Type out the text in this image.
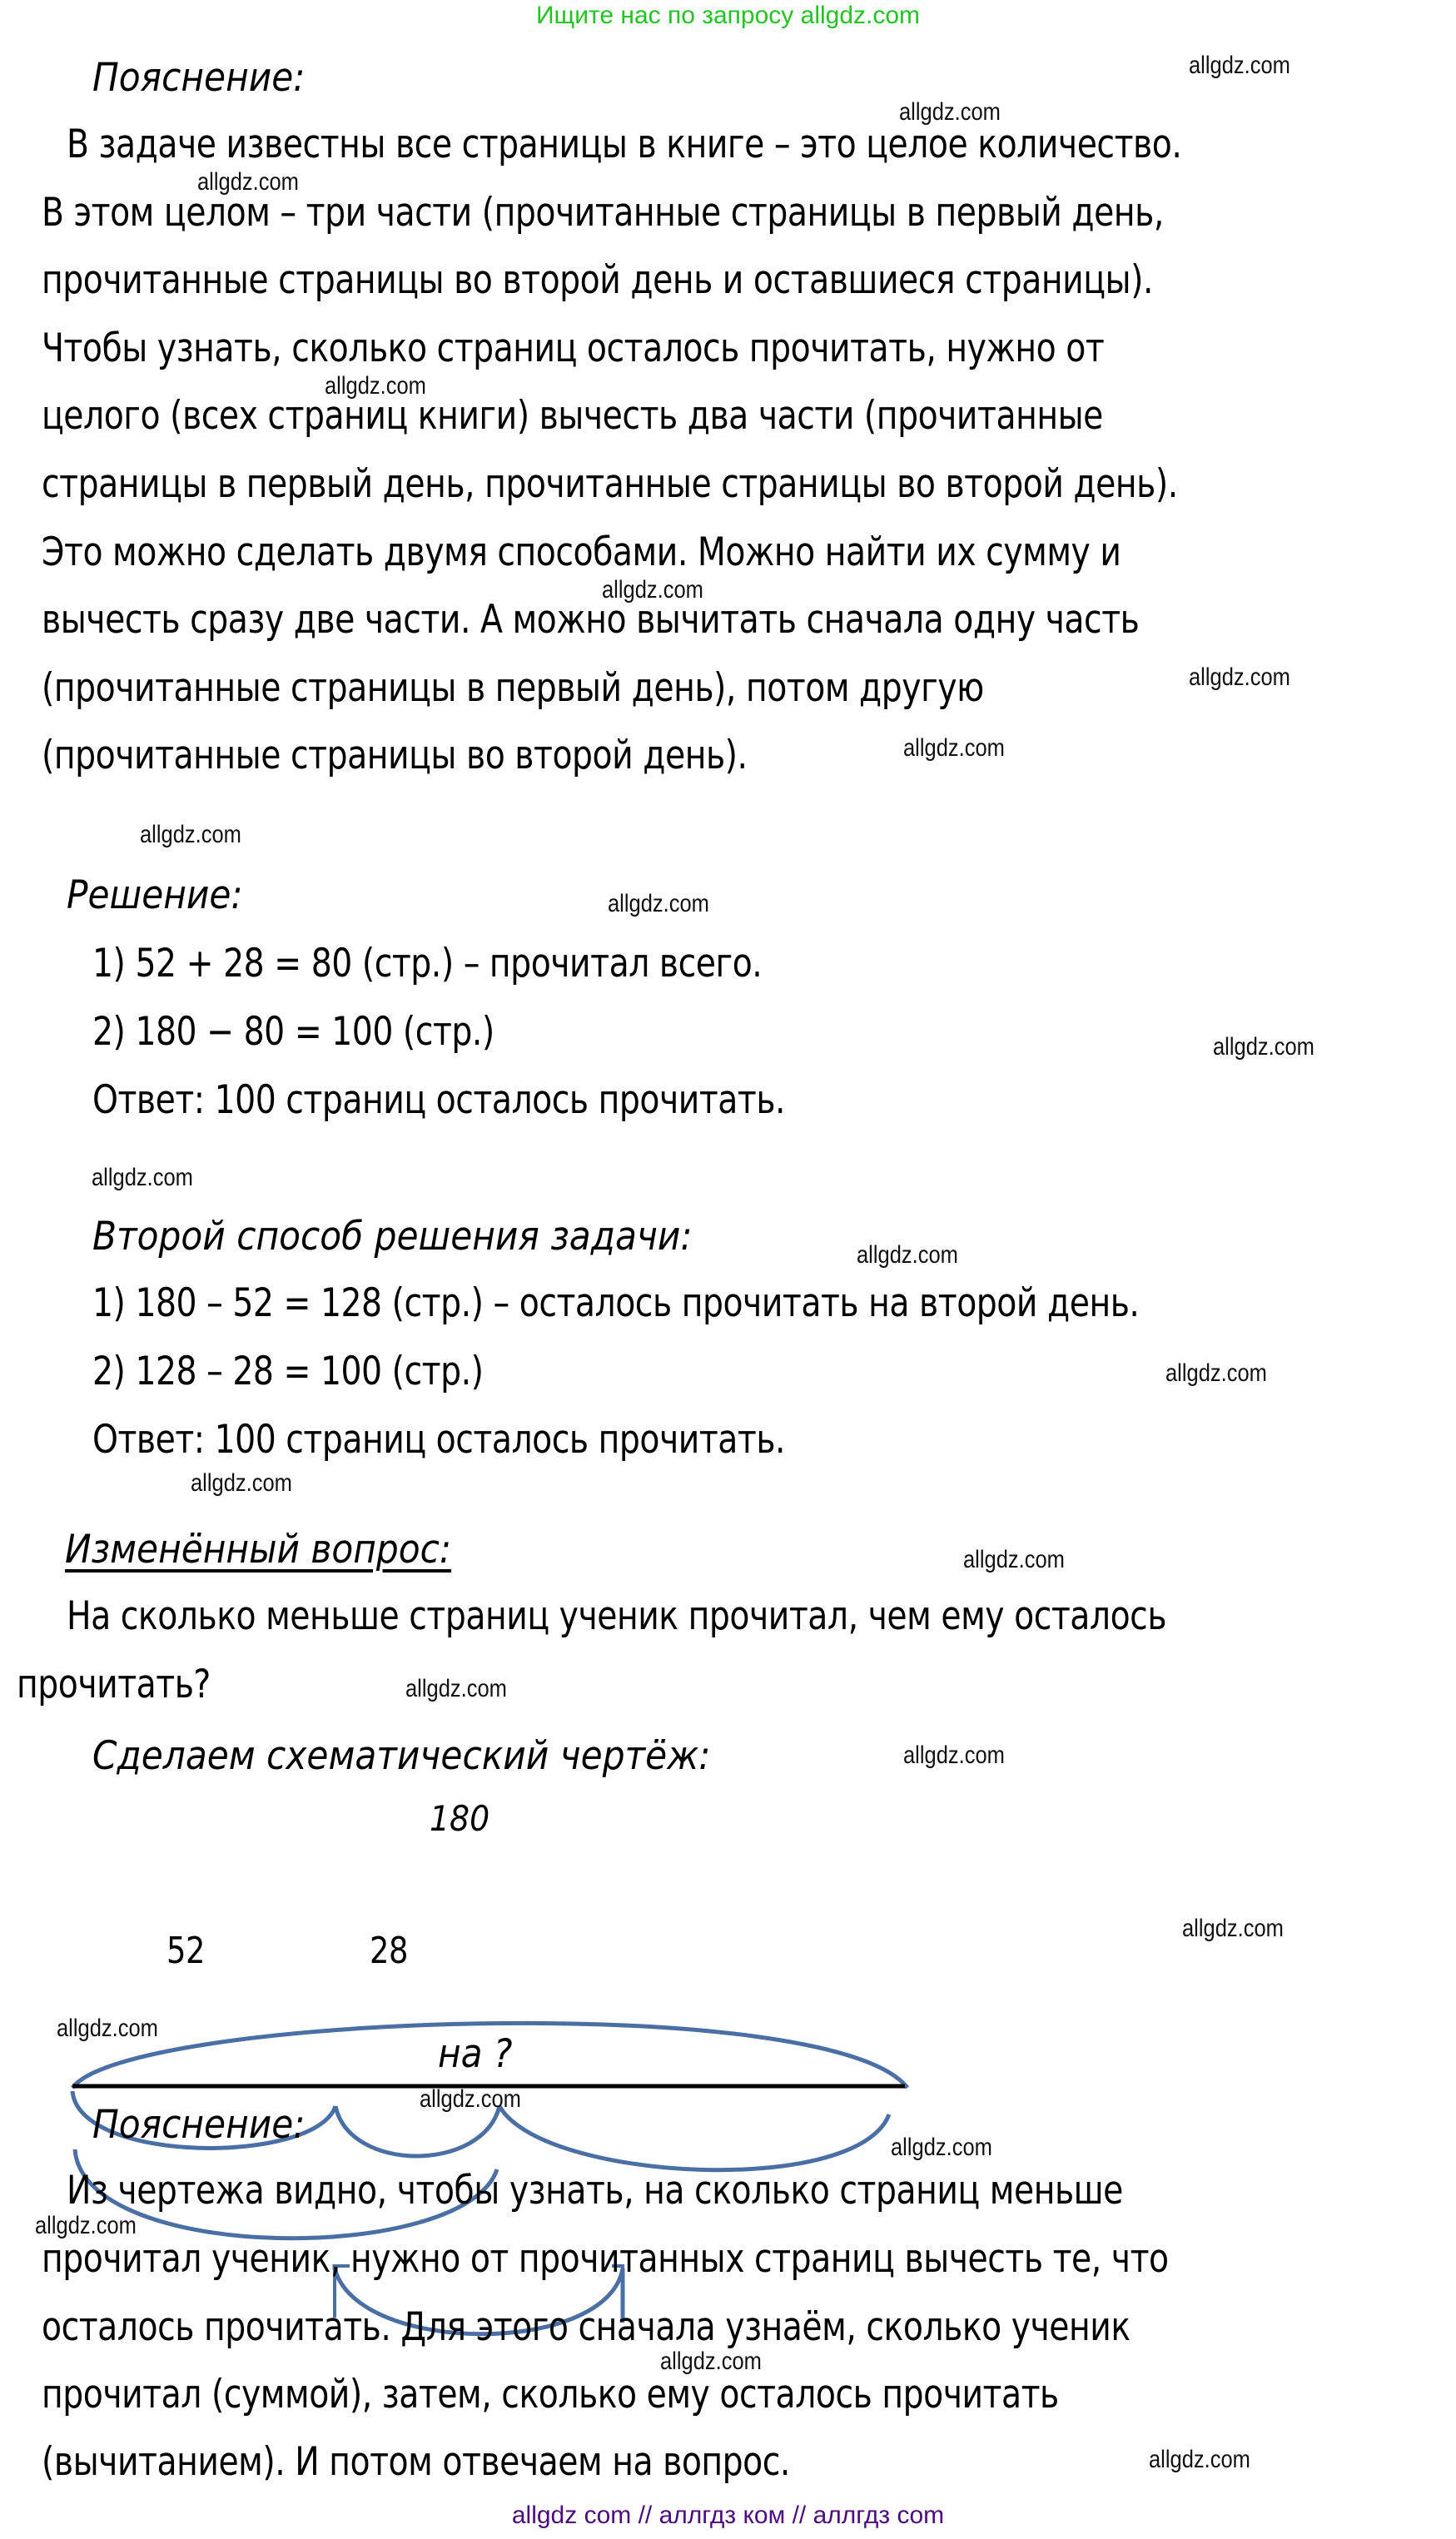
Ищите нас по запросу allgdz.com
Пояснение:
В задаче известны все страницы в книге – это целое количество.
В этом целом – три части (прочитанные страницы в первый день,
прочитанные страницы во второй день и оставшиеся страницы).
Чтобы узнать, сколько страниц осталось прочитать, нужно от
целого (всех страниц книги) вычесть два части (прочитанные
страницы в первый день, прочитанные страницы во второй день).
Это можно сделать двумя способами. Можно найти их сумму и
вычесть сразу две части. А можно вычитать сначала одну часть
(прочитанные страницы в первый день), потом другую
(прочитанные страницы во второй день).
Решение:
1) 52 + 28 = 80 (стр.) – прочитал всего.
2) 180 − 80 = 100 (стр.)
Ответ: 100 страниц осталось прочитать.
Второй способ решения задачи:
1) 180 – 52 = 128 (стр.) – осталось прочитать на второй день.
2) 128 – 28 = 100 (стр.)
Ответ: 100 страниц осталось прочитать.
Изменённый вопрос:
На сколько меньше страниц ученик прочитал, чем ему осталось
прочитать?
Сделаем схематический чертёж:
180
52	28
на ?
Пояснение:
Из чертежа видно, чтобы узнать, на сколько страниц меньше
прочитал ученик, нужно от прочитанных страниц вычесть те, что
осталось прочитать. Для этого сначала узнаём, сколько ученик
прочитал (суммой), затем, сколько ему осталось прочитать
(вычитанием). И потом отвечаем на вопрос.
allgdz.com
allgdz.com
allgdz.com
allgdz.com
allgdz.com
allgdz.com
allgdz.com
allgdz.com
allgdz.com
allgdz.com
allgdz.com
allgdz.com
allgdz.com
allgdz.com
allgdz.com
allgdz.com
allgdz.com
allgdz.com
allgdz.com
allgdz.com
allgdz.com
allgdz.com
allgdz.com
allgdz.com
allgdz com // аллгдз ком // аллгдз com
